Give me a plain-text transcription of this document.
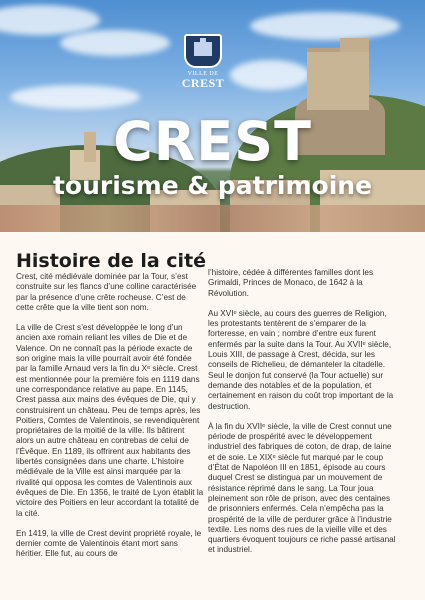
VILLE DE
CREST
CREST
tourisme & patrimoine
Histoire de la cité

Crest, cité médiévale dominée par la Tour, s’est construite sur les flancs d’une colline caractérisée par la présence d’une crête rocheuse. C’est de cette crête que la ville tient son nom.

La ville de Crest s’est développée le long d’un ancien axe romain reliant les villes de Die et de Valence. On ne connaît pas la période exacte de son origine mais la ville pourrait avoir été fondée par la famille Arnaud vers la fin du Xᵉ siècle. Crest est mentionnée pour la première fois en 1119 dans une correspondance relative au pape. En 1145, Crest passa aux mains des évêques de Die, qui y construisirent un château. Peu de temps après, les Poitiers, Comtes de Valentinois, se revendiquèrent propriétaires de la moitié de la ville. Ils bâtirent alors un autre château en contrebas de celui de l’Évêque. En 1189, ils offrirent aux habitants des libertés consignées dans une charte. L’histoire médiévale de la Ville est ainsi marquée par la rivalité qui opposa les comtes de Valentinois aux évêques de Die. En 1356, le traité de Lyon établit la victoire des Poitiers en leur accordant la totalité de la cité.

En 1419, la ville de Crest devint propriété royale, le dernier comte de Valentinois étant mort sans héritier. Elle fut, au cours de

l’histoire, cédée à différentes familles dont les Grimaldi, Princes de Monaco, de 1642 à la Révolution.

Au XVIᵉ siècle, au cours des guerres de Religion, les protestants tentèrent de s’emparer de la forteresse, en vain ; nombre d’entre eux furent enfermés par la suite dans la Tour. Au XVIIᵉ siècle, Louis XIII, de passage à Crest, décida, sur les conseils de Richelieu, de démanteler la citadelle. Seul le donjon fut conservé (la Tour actuelle) sur demande des notables et de la population, et certainement en raison du coût trop important de la destruction.

À la fin du XVIIᵉ siècle, la ville de Crest connut une période de prospérité avec le développement industriel des fabriques de coton, de drap, de laine et de soie. Le XIXᵉ siècle fut marqué par le coup d’État de Napoléon III en 1851, épisode au cours duquel Crest se distingua par un mouvement de résistance réprimé dans le sang. La Tour joua pleinement son rôle de prison, avec des centaines de prisonniers enfermés. Cela n’empêcha pas la prospérité de la ville de perdurer grâce à l’industrie textile. Les noms des rues de la vieille ville et des quartiers évoquent toujours ce riche passé artisanal et industriel.
